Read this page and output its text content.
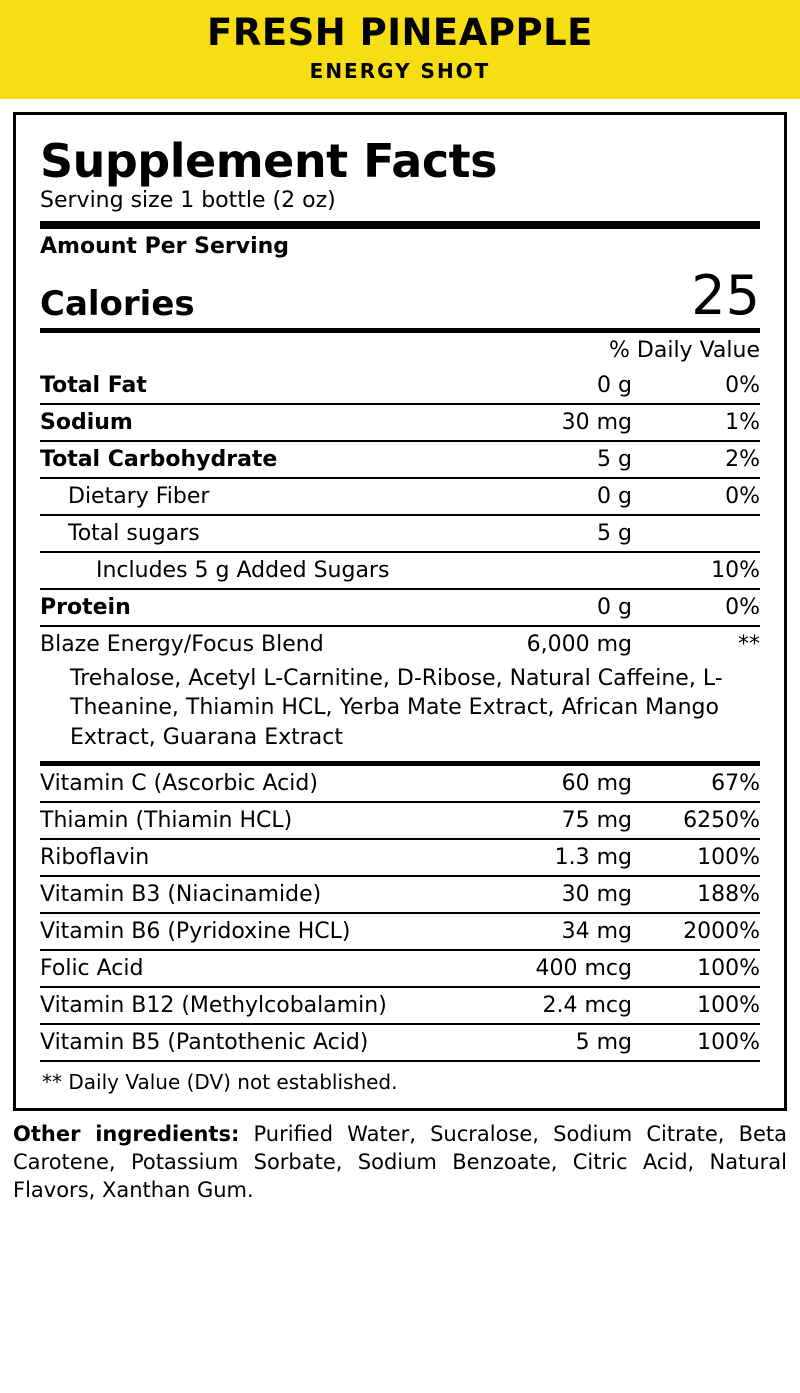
FRESH PINEAPPLE
ENERGY SHOT
Supplement Facts
Serving size 1 bottle (2 oz)
Amount Per Serving	
Calories	25
% Daily Value		
Total Fat	0 g	0%
Sodium	30 mg	1%
Total Carbohydrate	5 g	2%
Dietary Fiber	0 g	0%
Total sugars	5 g	
Includes 5 g Added Sugars		10%
Protein	0 g	0%
Blaze Energy/Focus Blend	6,000 mg	**
Trehalose, Acetyl L-Carnitine, D-Ribose, Natural Caffeine, L-Theanine, Thiamin HCL, Yerba Mate Extract, African Mango Extract, Guarana Extract
Vitamin C (Ascorbic Acid)	60 mg	67%
Thiamin (Thiamin HCL)	75 mg	6250%
Riboflavin	1.3 mg	100%
Vitamin B3 (Niacinamide)	30 mg	188%
Vitamin B6 (Pyridoxine HCL)	34 mg	2000%
Folic Acid	400 mcg	100%
Vitamin B12 (Methylcobalamin)	2.4 mcg	100%
Vitamin B5 (Pantothenic Acid)	5 mg	100%
** Daily Value (DV) not established.
Other ingredients: Purified Water, Sucralose, Sodium Citrate, Beta Carotene, Potassium Sorbate, Sodium Benzoate, Citric Acid, Natural Flavors, Xanthan Gum.
